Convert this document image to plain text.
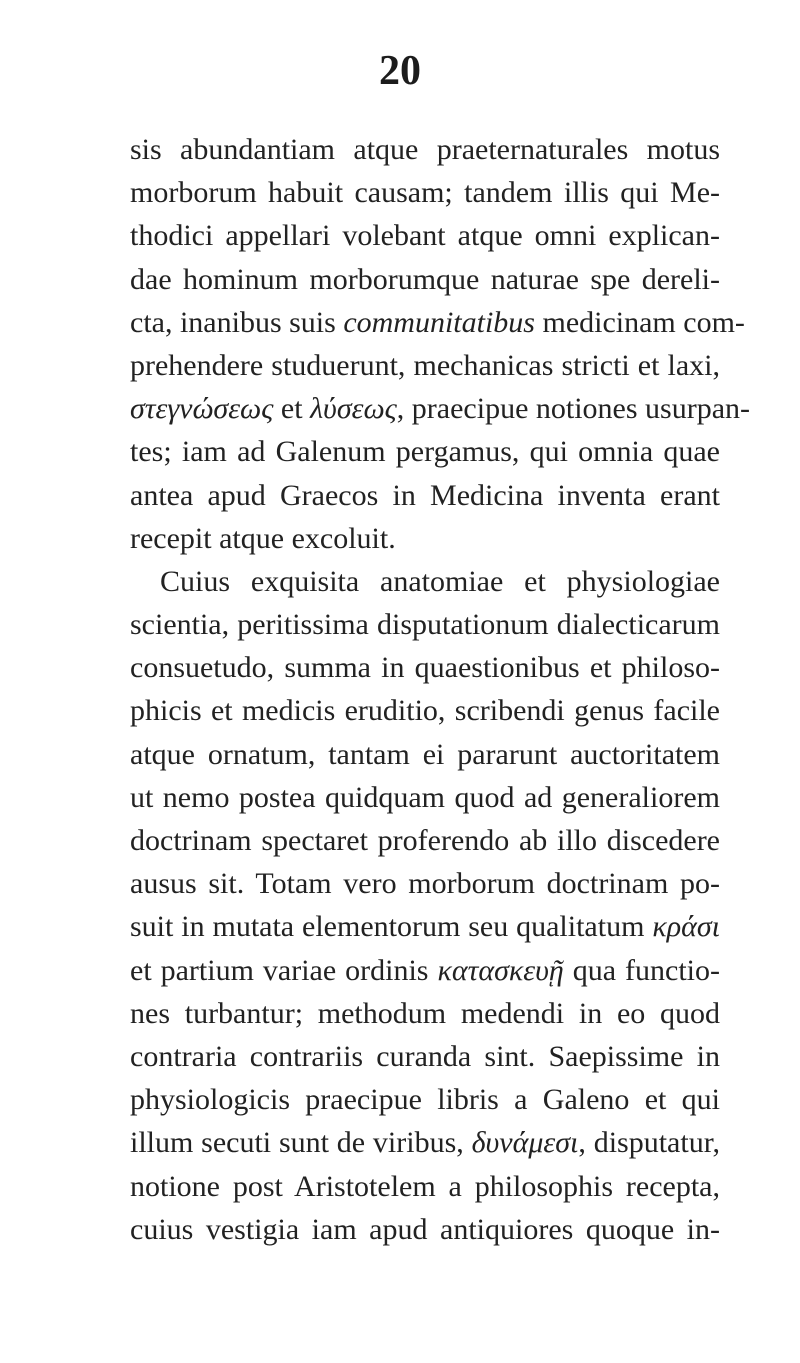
20
sis abundantiam atque praeternaturales motus
morborum habuit causam; tandem illis qui Me-
thodici appellari volebant atque omni explican-
dae hominum morborumque naturae spe dereli-
cta, inanibus suis communitatibus medicinam com-
prehendere studuerunt, mechanicas stricti et laxi,
στεγνώσεως et λύσεως, praecipue notiones usurpan-
tes; iam ad Galenum pergamus, qui omnia quae
antea apud Graecos in Medicina inventa erant
recepit atque excoluit.
Cuius exquisita anatomiae et physiologiae
scientia, peritissima disputationum dialecticarum
consuetudo, summa in quaestionibus et philoso-
phicis et medicis eruditio, scribendi genus facile
atque ornatum, tantam ei pararunt auctoritatem
ut nemo postea quidquam quod ad generaliorem
doctrinam spectaret proferendo ab illo discedere
ausus sit. Totam vero morborum doctrinam po-
suit in mutata elementorum seu qualitatum κράσι
et partium variae ordinis κατασκευῇ qua functio-
nes turbantur; methodum medendi in eo quod
contraria contrariis curanda sint. Saepissime in
physiologicis praecipue libris a Galeno et qui
illum secuti sunt de viribus, δυνάμεσι, disputatur,
notione post Aristotelem a philosophis recepta,
cuius vestigia iam apud antiquiores quoque in-
